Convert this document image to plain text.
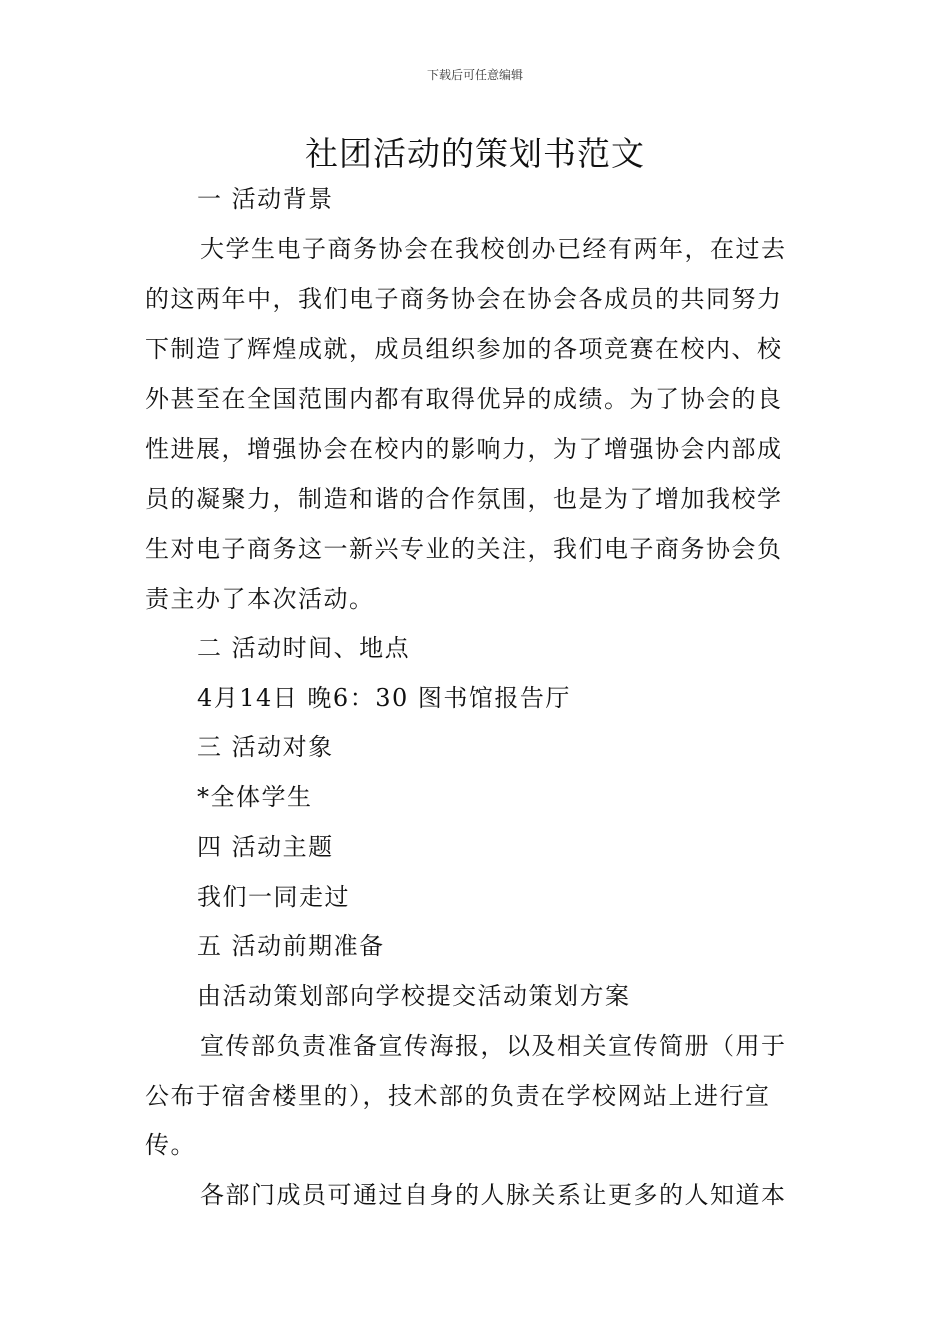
下载后可任意编辑
社团活动的策划书范文
一 活动背景
大学生电子商务协会在我校创办已经有两年，在过去
的这两年中，我们电子商务协会在协会各成员的共同努力
下制造了辉煌成就，成员组织参加的各项竞赛在校内、校
外甚至在全国范围内都有取得优异的成绩。为了协会的良
性进展，增强协会在校内的影响力，为了增强协会内部成
员的凝聚力，制造和谐的合作氛围，也是为了增加我校学
生对电子商务这一新兴专业的关注，我们电子商务协会负
责主办了本次活动。
二 活动时间、地点
4月14日 晚6：30 图书馆报告厅
三 活动对象
*全体学生
四 活动主题
我们一同走过
五 活动前期准备
由活动策划部向学校提交活动策划方案
宣传部负责准备宣传海报，以及相关宣传简册（用于
公布于宿舍楼里的），技术部的负责在学校网站上进行宣
传。
各部门成员可通过自身的人脉关系让更多的人知道本
